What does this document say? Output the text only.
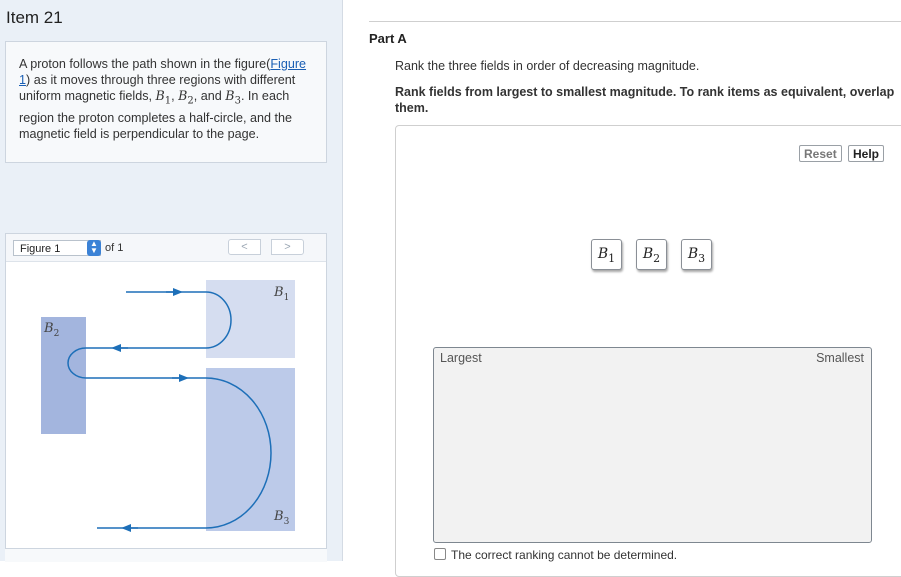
Item 21
A proton follows the path shown in the figure(Figure 1) as it moves through three regions with different uniform magnetic fields, $B_1$, $B_2$, and $B_3$. In each region the proton completes a half-circle, and the magnetic field is perpendicular to the page.
Figure 1	▲
▼ of 1	<	>
$B_1$
$B_2$
$B_3$
Part A
Rank the three fields in order of decreasing magnitude.
Rank fields from largest to smallest magnitude. To rank items as equivalent, overlap them.
Reset	Help
$B_1$	$B_2$	$B_3$
Largest	Smallest
The correct ranking cannot be determined.
